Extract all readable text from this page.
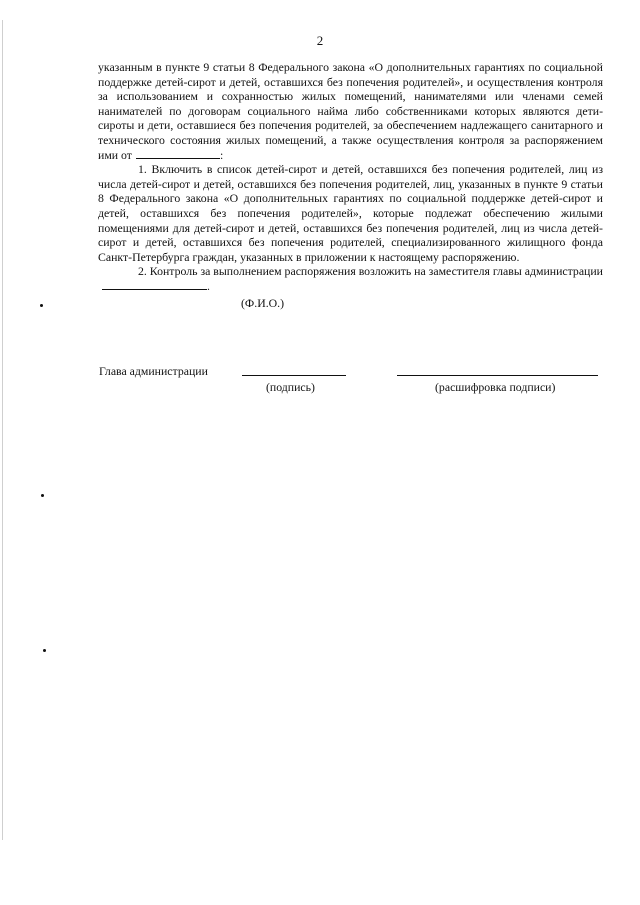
2

указанным в пункте 9 статьи 8 Федерального закона «О дополнительных гарантиях по социальной поддержке детей-сирот и детей, оставшихся без попечения родителей», и осуществления контроля за использованием и сохранностью жилых помещений, нанимателями или членами семей нанимателей по договорам социального найма либо собственниками которых являются дети-сироты и дети, оставшиеся без попечения родителей, за обеспечением надлежащего санитарного и технического состояния жилых помещений, а также осуществления контроля за распоряжением ими от	:

1. Включить в список детей-сирот и детей, оставшихся без попечения родителей, лиц из числа детей-сирот и детей, оставшихся без попечения родителей, лиц, указанных в пункте 9 статьи 8 Федерального закона «О дополнительных гарантиях по социальной поддержке детей-сирот и детей, оставшихся без попечения родителей», которые подлежат обеспечению жилыми помещениями для детей-сирот и детей, оставшихся без попечения родителей, лиц из числа детей-сирот и детей, оставшихся без попечения родителей, специализированного жилищного фонда Санкт-Петербурга граждан, указанных в приложении к настоящему распоряжению.

2. Контроль за выполнением распоряжения возложить на заместителя главы администрации.
(Ф.И.О.)

Глава администрации
(подпись)	(расшифровка подписи)
